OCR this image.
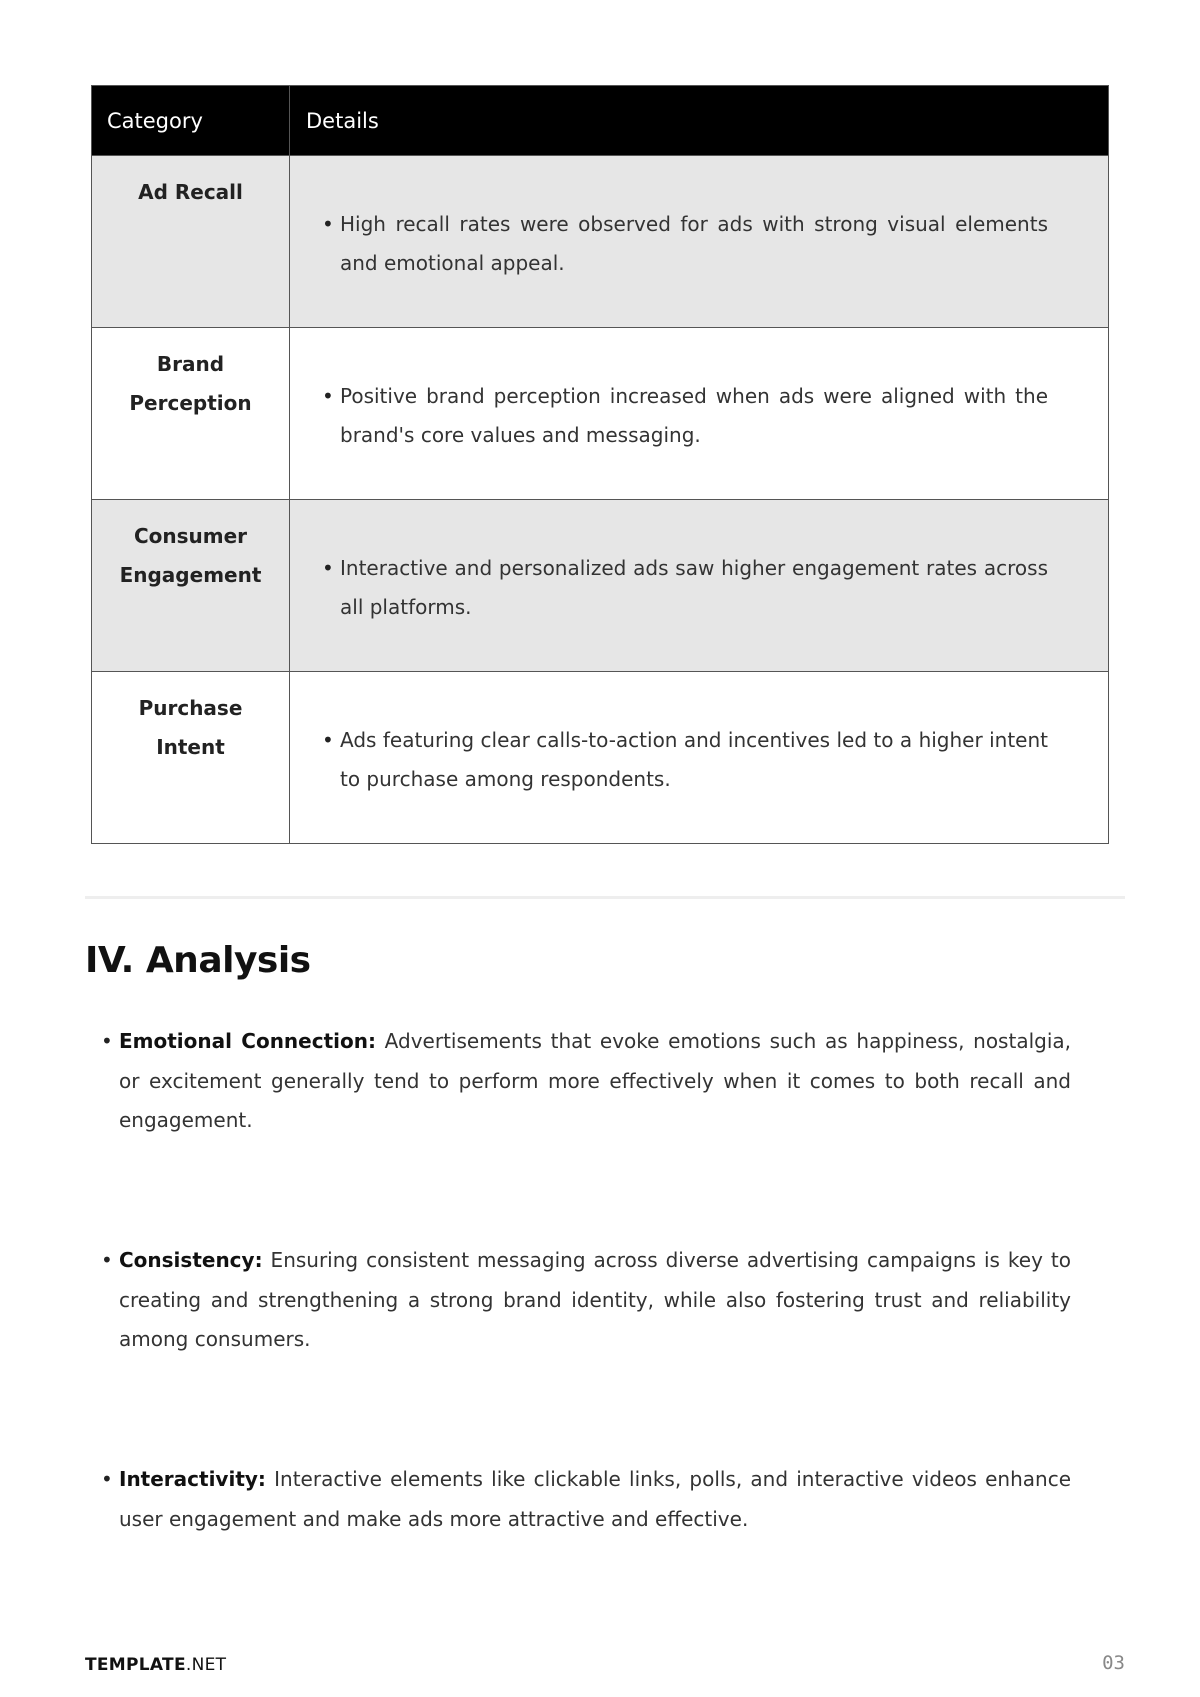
Category	Details
Ad Recall	• High recall rates were observed for ads with strong visual elements and emotional appeal.

Brand Perception	• Positive brand perception increased when ads were aligned with the brand's core values and messaging.

Consumer Engagement	• Interactive and personalized ads saw higher engagement rates across all platforms.

Purchase Intent	• Ads featuring clear calls-to-action and incentives led to a higher intent to purchase among respondents.

IV. Analysis

• Emotional Connection: Advertisements that evoke emotions such as happiness, nostalgia, or excitement generally tend to perform more effectively when it comes to both recall and engagement.

• Consistency: Ensuring consistent messaging across diverse advertising campaigns is key to creating and strengthening a strong brand identity, while also fostering trust and reliability among consumers.

• Interactivity: Interactive elements like clickable links, polls, and interactive videos enhance user engagement and make ads more attractive and effective.

TEMPLATE.NET	03
